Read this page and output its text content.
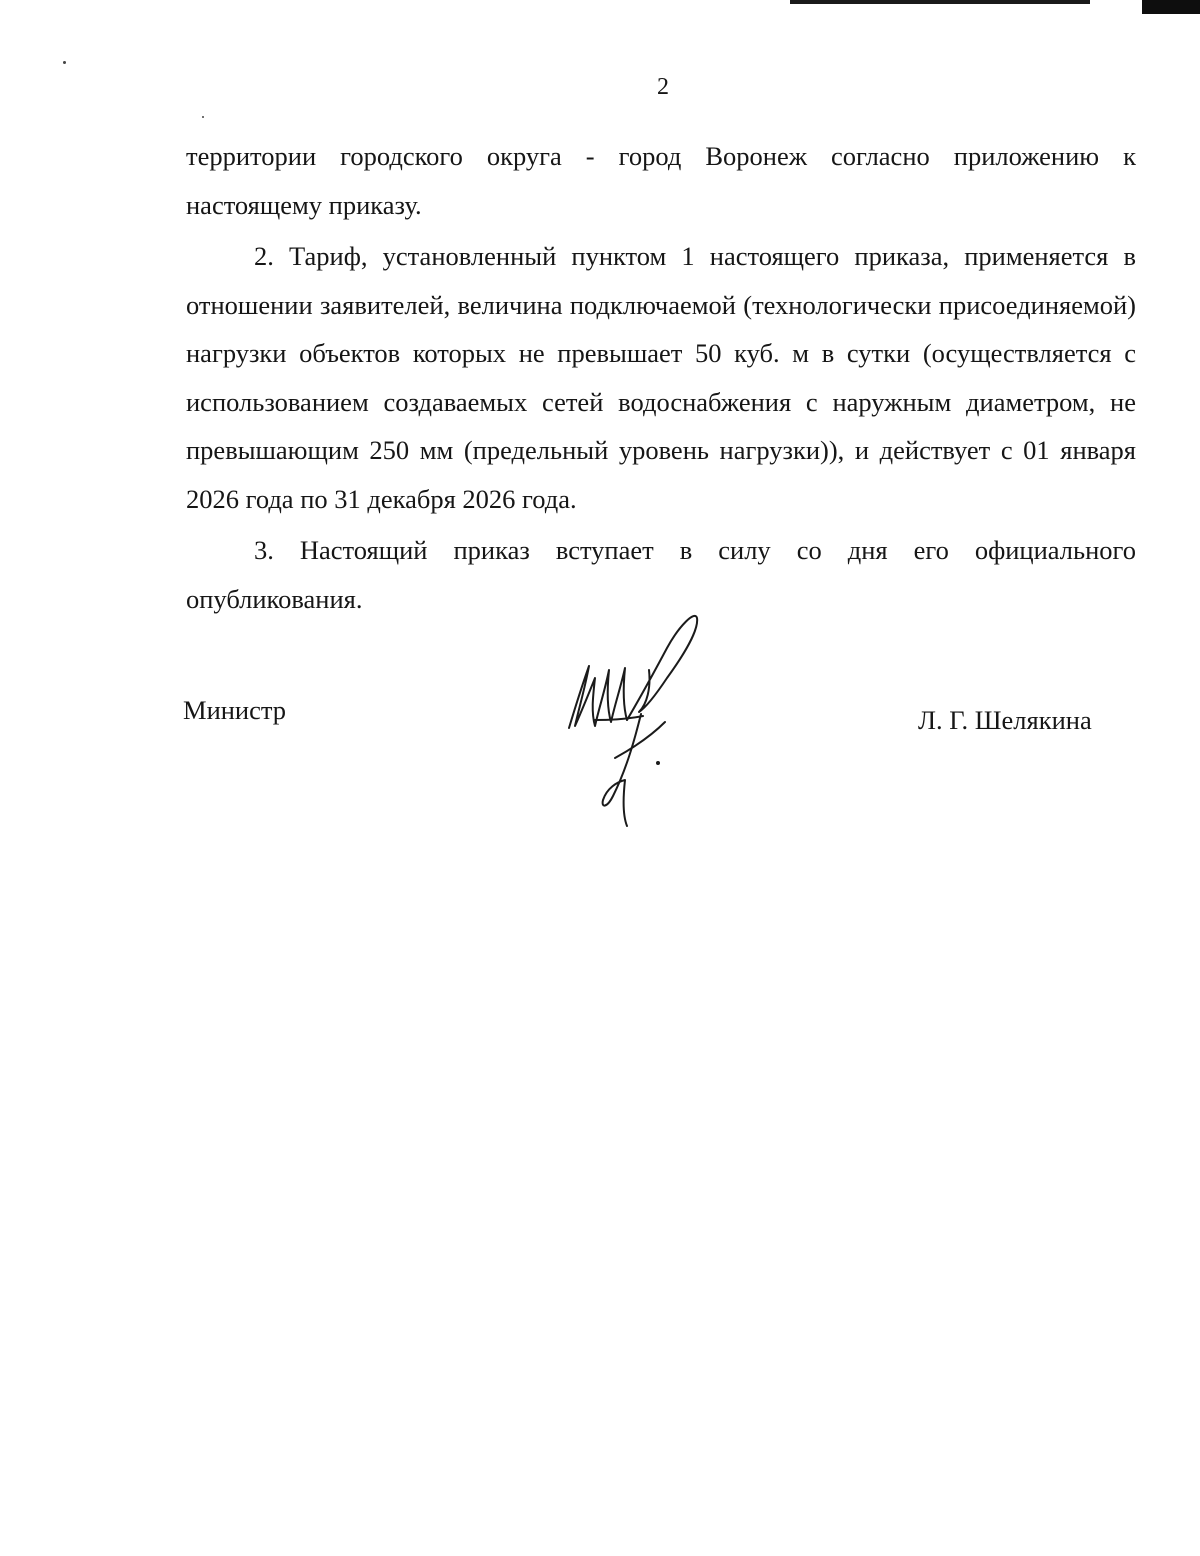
2

территории городского округа - город Воронеж согласно приложению к настоящему приказу.

2. Тариф, установленный пунктом 1 настоящего приказа, применяется в отношении заявителей, величина подключаемой (технологически присоединяемой) нагрузки объектов которых не превышает 50 куб. м в сутки (осуществляется с использованием создаваемых сетей водоснабжения с наружным диаметром, не превышающим 250 мм (предельный уровень нагрузки)), и действует с 01 января 2026 года по 31 декабря 2026 года.

3. Настоящий приказ вступает в силу со дня его официального опубликования.

Министр	Л. Г. Шелякина
